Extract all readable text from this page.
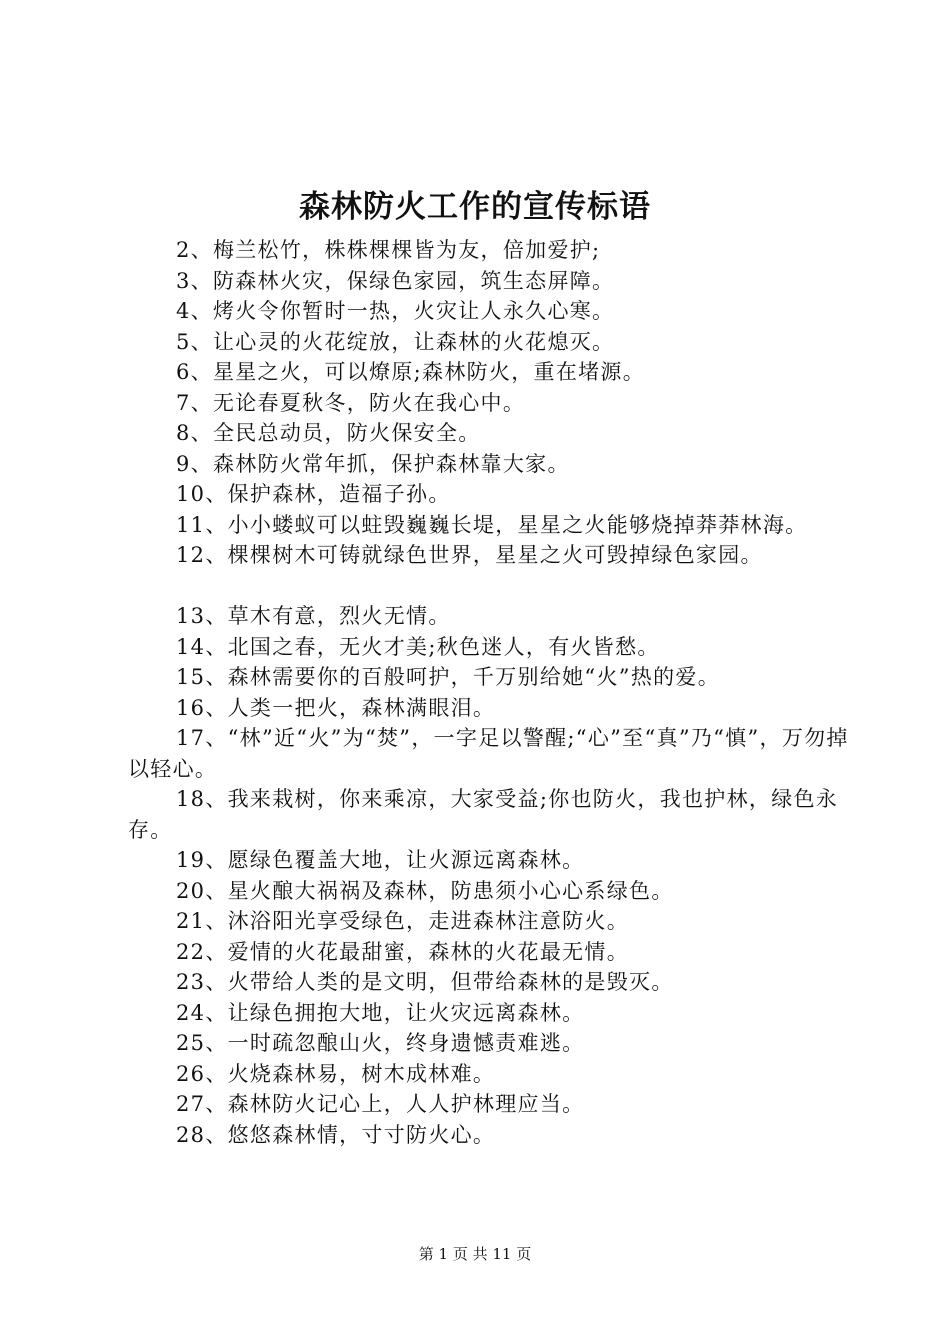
森林防火工作的宣传标语

2、梅兰松竹，株株棵棵皆为友，倍加爱护;

3、防森林火灾，保绿色家园，筑生态屏障。

4、烤火令你暂时一热，火灾让人永久心寒。

5、让心灵的火花绽放，让森林的火花熄灭。

6、星星之火，可以燎原;森林防火，重在堵源。

7、无论春夏秋冬，防火在我心中。

8、全民总动员，防火保安全。

9、森林防火常年抓，保护森林靠大家。

10、保护森林，造福子孙。

11、小小蝼蚁可以蛀毁巍巍长堤，星星之火能够烧掉莽莽林海。

12、棵棵树木可铸就绿色世界，星星之火可毁掉绿色家园。

13、草木有意，烈火无情。

14、北国之春，无火才美;秋色迷人，有火皆愁。

15、森林需要你的百般呵护，千万别给她“火”热的爱。

16、人类一把火，森林满眼泪。

17、“林”近“火”为“焚”，一字足以警醒;“心”至“真”乃“慎”，万勿掉以轻心。

18、我来栽树，你来乘凉，大家受益;你也防火，我也护林，绿色永存。

19、愿绿色覆盖大地，让火源远离森林。

20、星火酿大祸祸及森林，防患须小心心系绿色。

21、沐浴阳光享受绿色，走进森林注意防火。

22、爱情的火花最甜蜜，森林的火花最无情。

23、火带给人类的是文明，但带给森林的是毁灭。

24、让绿色拥抱大地，让火灾远离森林。

25、一时疏忽酿山火，终身遗憾责难逃。

26、火烧森林易，树木成林难。

27、森林防火记心上，人人护林理应当。

28、悠悠森林情，寸寸防火心。

第 1 页 共 11 页
